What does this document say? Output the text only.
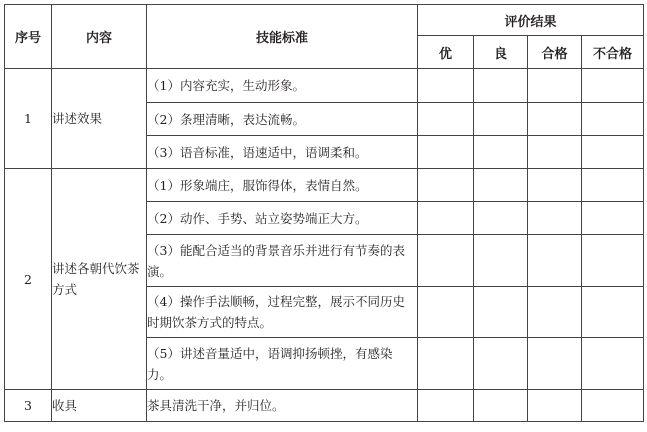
序号	内容	技能标准	评价结果			
			优	良	合格	不合格
1	讲述效果	（1）内容充实，生动形象。				
		（2）条理清晰，表达流畅。				
		（3）语音标准，语速适中，语调柔和。				
2	讲述各朝代饮茶方式	（1）形象端庄，服饰得体，表情自然。				
		（2）动作、手势、站立姿势端正大方。				
		（3）能配合适当的背景音乐并进行有节奏的表演。				
		（4）操作手法顺畅，过程完整，展示不同历史时期饮茶方式的特点。				
		（5）讲述音量适中，语调抑扬顿挫，有感染力。				
3	收具	茶具清洗干净，并归位。				
